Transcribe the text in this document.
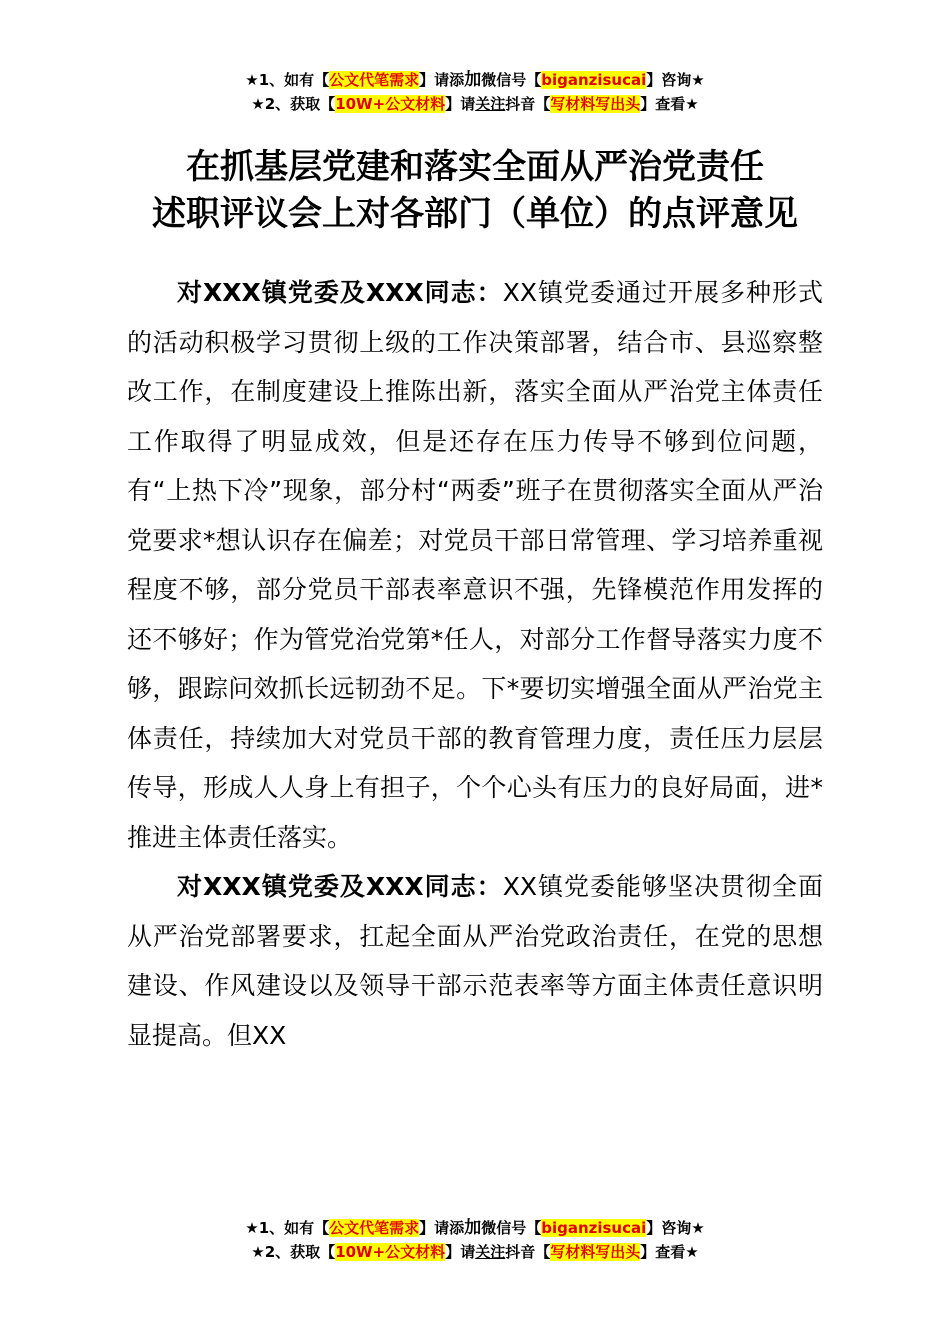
★1、如有【公文代笔需求】请添加微信号【biganzisucai】咨询★
★2、获取【10W+公文材料】请关注抖音【写材料写出头】查看★
在抓基层党建和落实全面从严治党责任
述职评议会上对各部门（单位）的点评意见

对XXX镇党委及XXX同志：XX镇党委通过开展多种形式的活动积极学习贯彻上级的工作决策部署，结合市、县巡察整改工作，在制度建设上推陈出新，落实全面从严治党主体责任工作取得了明显成效，但是还存在压力传导不够到位问题，有“上热下冷”现象，部分村“两委”班子在贯彻落实全面从严治党要求*想认识存在偏差；对党员干部日常管理、学习培养重视程度不够，部分党员干部表率意识不强，先锋模范作用发挥的还不够好；作为管党治党第*任人，对部分工作督导落实力度不够，跟踪问效抓长远韧劲不足。下*要切实增强全面从严治党主体责任，持续加大对党员干部的教育管理力度，责任压力层层传导，形成人人身上有担子，个个心头有压力的良好局面，进*推进主体责任落实。

对XXX镇党委及XXX同志：XX镇党委能够坚决贯彻全面从严治党部署要求，扛起全面从严治党政治责任，在党的思想建设、作风建设以及领导干部示范表率等方面主体责任意识明显提高。但XX

★1、如有【公文代笔需求】请添加微信号【biganzisucai】咨询★
★2、获取【10W+公文材料】请关注抖音【写材料写出头】查看★
